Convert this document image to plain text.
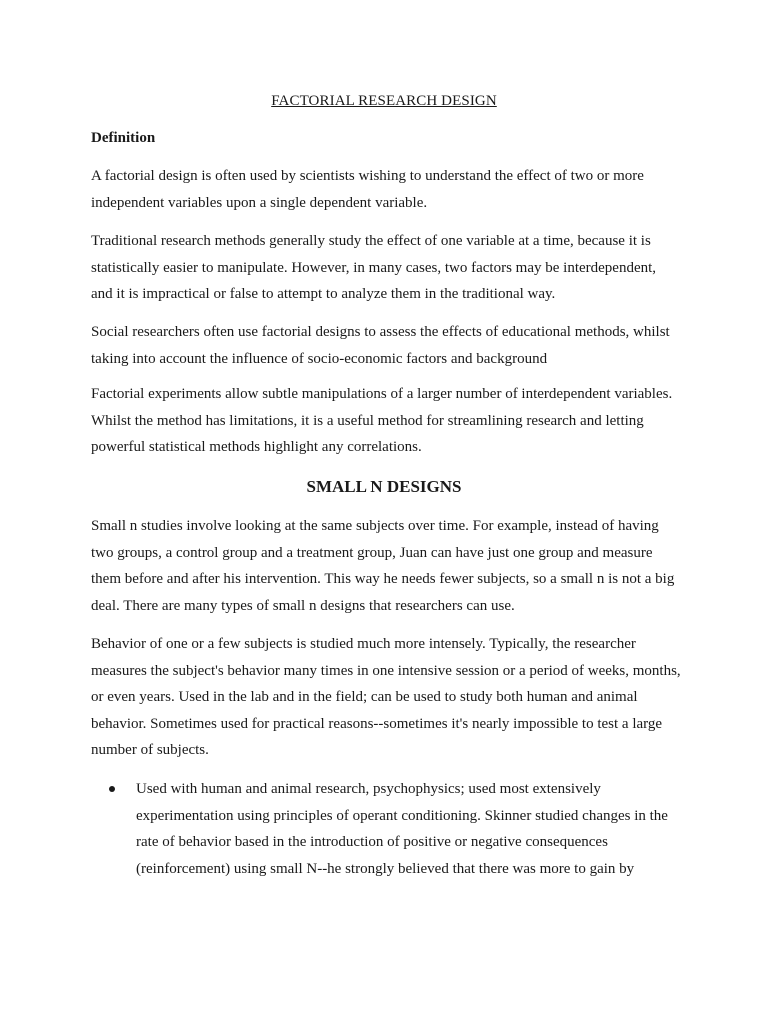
FACTORIAL RESEARCH DESIGN
Definition

A factorial design is often used by scientists wishing to understand the effect of two or more independent variables upon a single dependent variable.

Traditional research methods generally study the effect of one variable at a time, because it is statistically easier to manipulate. However, in many cases, two factors may be interdependent, and it is impractical or false to attempt to analyze them in the traditional way.

Social researchers often use factorial designs to assess the effects of educational methods, whilst taking into account the influence of socio-economic factors and background

Factorial experiments allow subtle manipulations of a larger number of interdependent variables. Whilst the method has limitations, it is a useful method for streamlining research and letting powerful statistical methods highlight any correlations.

SMALL N DESIGNS

Small n studies involve looking at the same subjects over time. For example, instead of having two groups, a control group and a treatment group, Juan can have just one group and measure them before and after his intervention. This way he needs fewer subjects, so a small n is not a big deal. There are many types of small n designs that researchers can use.

Behavior of one or a few subjects is studied much more intensely. Typically, the researcher measures the subject's behavior many times in one intensive session or a period of weeks, months, or even years. Used in the lab and in the field; can be used to study both human and animal behavior. Sometimes used for practical reasons--sometimes it's nearly impossible to test a large number of subjects.

Used with human and animal research, psychophysics; used most extensively experimentation using principles of operant conditioning. Skinner studied changes in the rate of behavior based in the introduction of positive or negative consequences (reinforcement) using small N--he strongly believed that there was more to gain by
